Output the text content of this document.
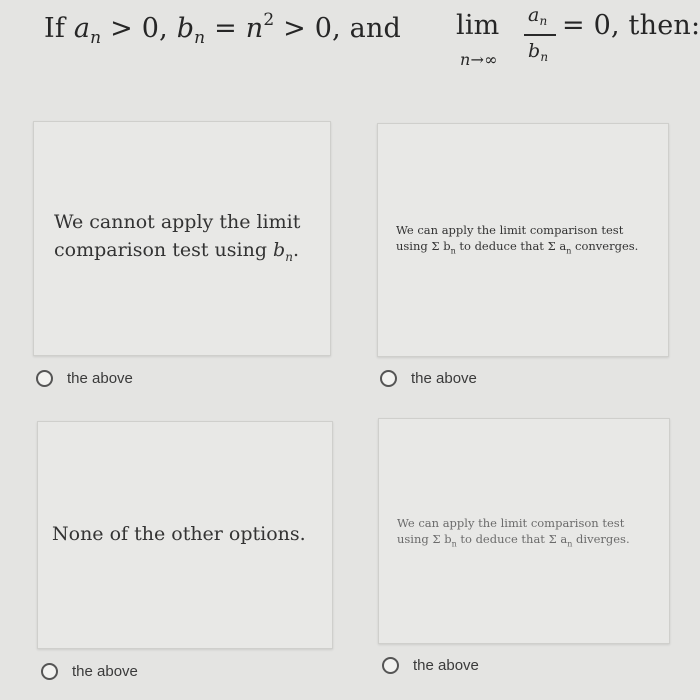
If $a_n > 0$, $b_n = n^2 > 0$, and lim
n→∞
$a_n$
$b_n$
= 0, then:
We cannot apply the limit
comparison test using $b_n$.
the above
We can apply the limit comparison test
using Σ $b_n$ to deduce that Σ $a_n$ converges.
the above
None of the other options.
the above
We can apply the limit comparison test
using Σ $b_n$ to deduce that Σ $a_n$ diverges.
the above
